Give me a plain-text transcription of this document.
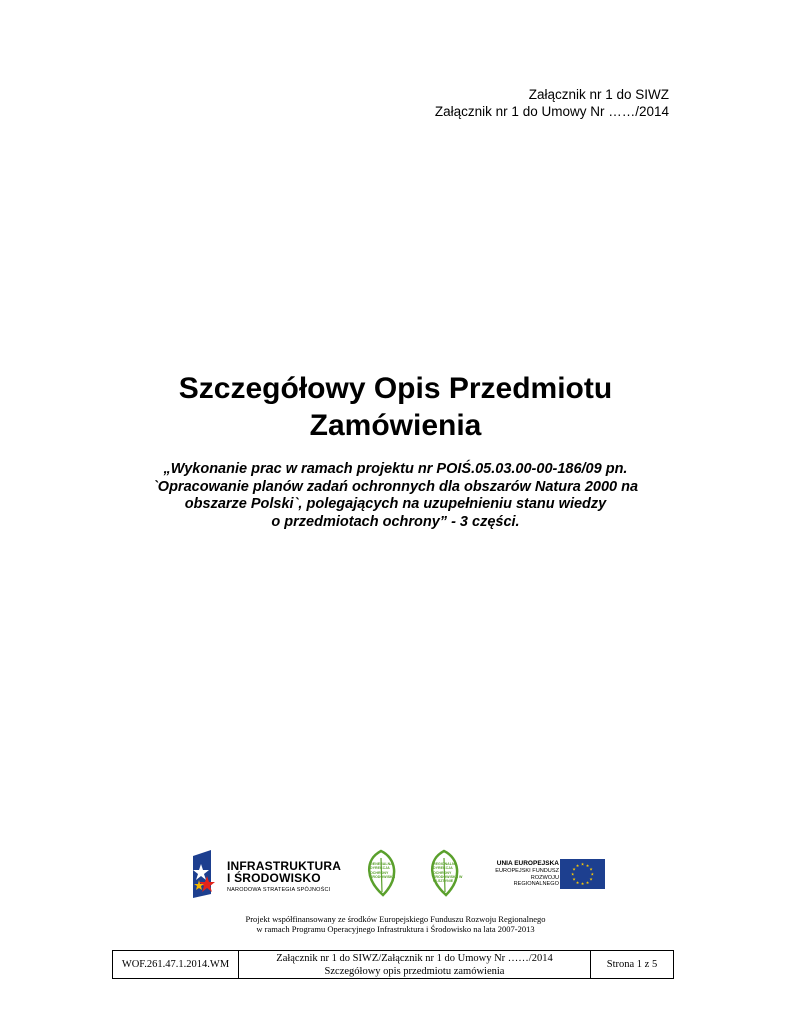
Załącznik nr 1 do SIWZ
Załącznik nr 1 do Umowy Nr ……/2014
Szczegółowy Opis Przedmiotu
Zamówienia
„Wykonanie prac w ramach projektu nr POIŚ.05.03.00-00-186/09 pn.
`Opracowanie planów zadań ochronnych dla obszarów Natura 2000 na
obszarze Polski`, polegających na uzupełnieniu stanu wiedzy
o przedmiotach ochrony” - 3 części.
INFRASTRUKTURA
I ŚRODOWISKO
NARODOWA STRATEGIA SPÓJNOŚCI
GENERALNA DYREKCJA OCHRONY ŚRODOWISKA
REGIONALNA DYREKCJA OCHRONY ŚRODOWISKA W OLSZTYNIE
UNIA EUROPEJSKA
EUROPEJSKI FUNDUSZ
ROZWOJU REGIONALNEGO
★ ★
★
★
★
★
★
★
★
★
★
★
Projekt współfinansowany ze środków Europejskiego Funduszu Rozwoju Regionalnego
w ramach Programu Operacyjnego Infrastruktura i Środowisko na lata 2007-2013
WOF.261.47.1.2014.WM
Załącznik nr 1 do SIWZ/Załącznik nr 1 do Umowy Nr ……/2014
Szczegółowy opis przedmiotu zamówienia
Strona 1 z 5
